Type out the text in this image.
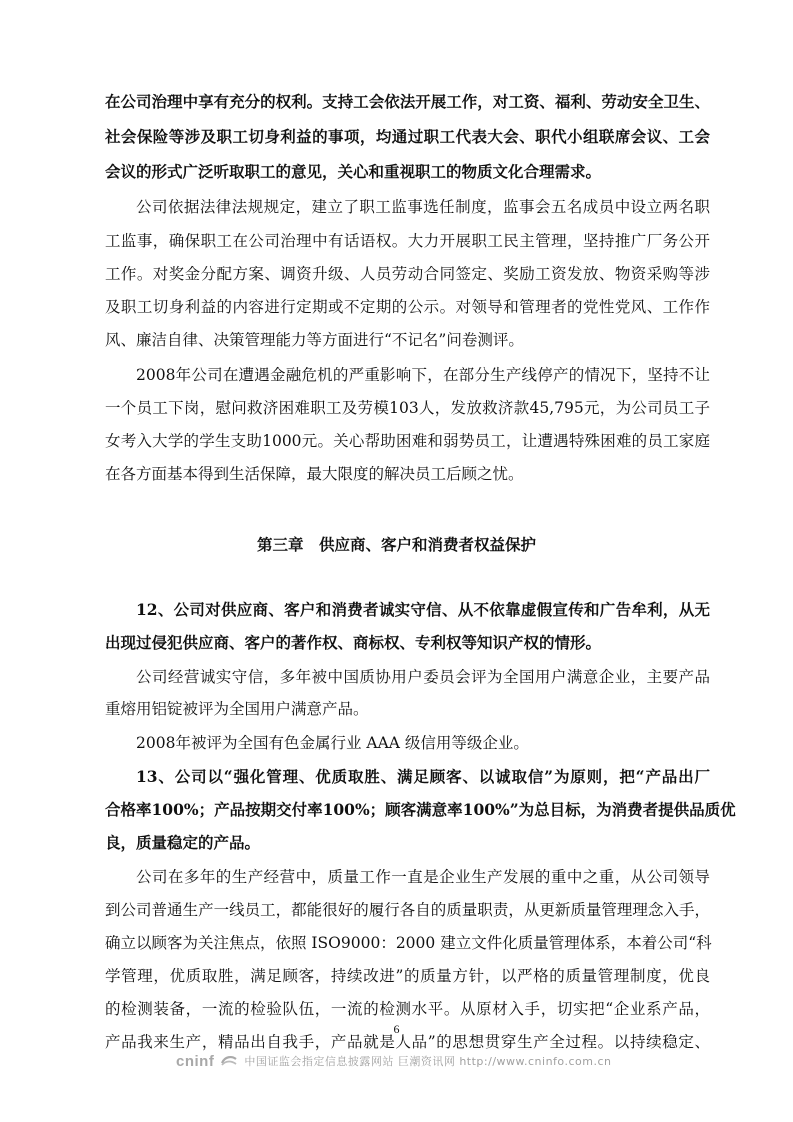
在公司治理中享有充分的权利。支持工会依法开展工作，对工资、福利、劳动安全卫生、
社会保险等涉及职工切身利益的事项，均通过职工代表大会、职代小组联席会议、工会
会议的形式广泛听取职工的意见，关心和重视职工的物质文化合理需求。
公司依据法律法规规定，建立了职工监事选任制度，监事会五名成员中设立两名职
工监事，确保职工在公司治理中有话语权。大力开展职工民主管理，坚持推广厂务公开
工作。对奖金分配方案、调资升级、人员劳动合同签定、奖励工资发放、物资采购等涉
及职工切身利益的内容进行定期或不定期的公示。对领导和管理者的党性党风、工作作
风、廉洁自律、决策管理能力等方面进行“不记名”问卷测评。
2008年公司在遭遇金融危机的严重影响下，在部分生产线停产的情况下，坚持不让
一个员工下岗，慰问救济困难职工及劳模103人，发放救济款45,795元，为公司员工子
女考入大学的学生支助1000元。关心帮助困难和弱势员工，让遭遇特殊困难的员工家庭
在各方面基本得到生活保障，最大限度的解决员工后顾之忧。
第三章　供应商、客户和消费者权益保护
12、公司对供应商、客户和消费者诚实守信、从不依靠虚假宣传和广告牟利，从无
出现过侵犯供应商、客户的著作权、商标权、专利权等知识产权的情形。
公司经营诚实守信，多年被中国质协用户委员会评为全国用户满意企业，主要产品
重熔用铝锭被评为全国用户满意产品。
2008年被评为全国有色金属行业 AAA 级信用等级企业。
13、公司以“强化管理、优质取胜、满足顾客、以诚取信”为原则，把“产品出厂
合格率100%；产品按期交付率100%；顾客满意率100%”为总目标，为消费者提供品质优
良，质量稳定的产品。
公司在多年的生产经营中，质量工作一直是企业生产发展的重中之重，从公司领导
到公司普通生产一线员工，都能很好的履行各自的质量职责，从更新质量管理理念入手，
确立以顾客为关注焦点，依照 ISO9000：2000 建立文件化质量管理体系，本着公司“科
学管理，优质取胜，满足顾客，持续改进”的质量方针，以严格的质量管理制度，优良
的检测装备，一流的检验队伍，一流的检测水平。从原材入手，切实把“企业系产品，
产品我来生产，精品出自我手，产品就是人品”的思想贯穿生产全过程。以持续稳定、
6
cninf	中国证监会指定信息披露网站 巨潮资讯网 http://www.cninfo.com.cn
